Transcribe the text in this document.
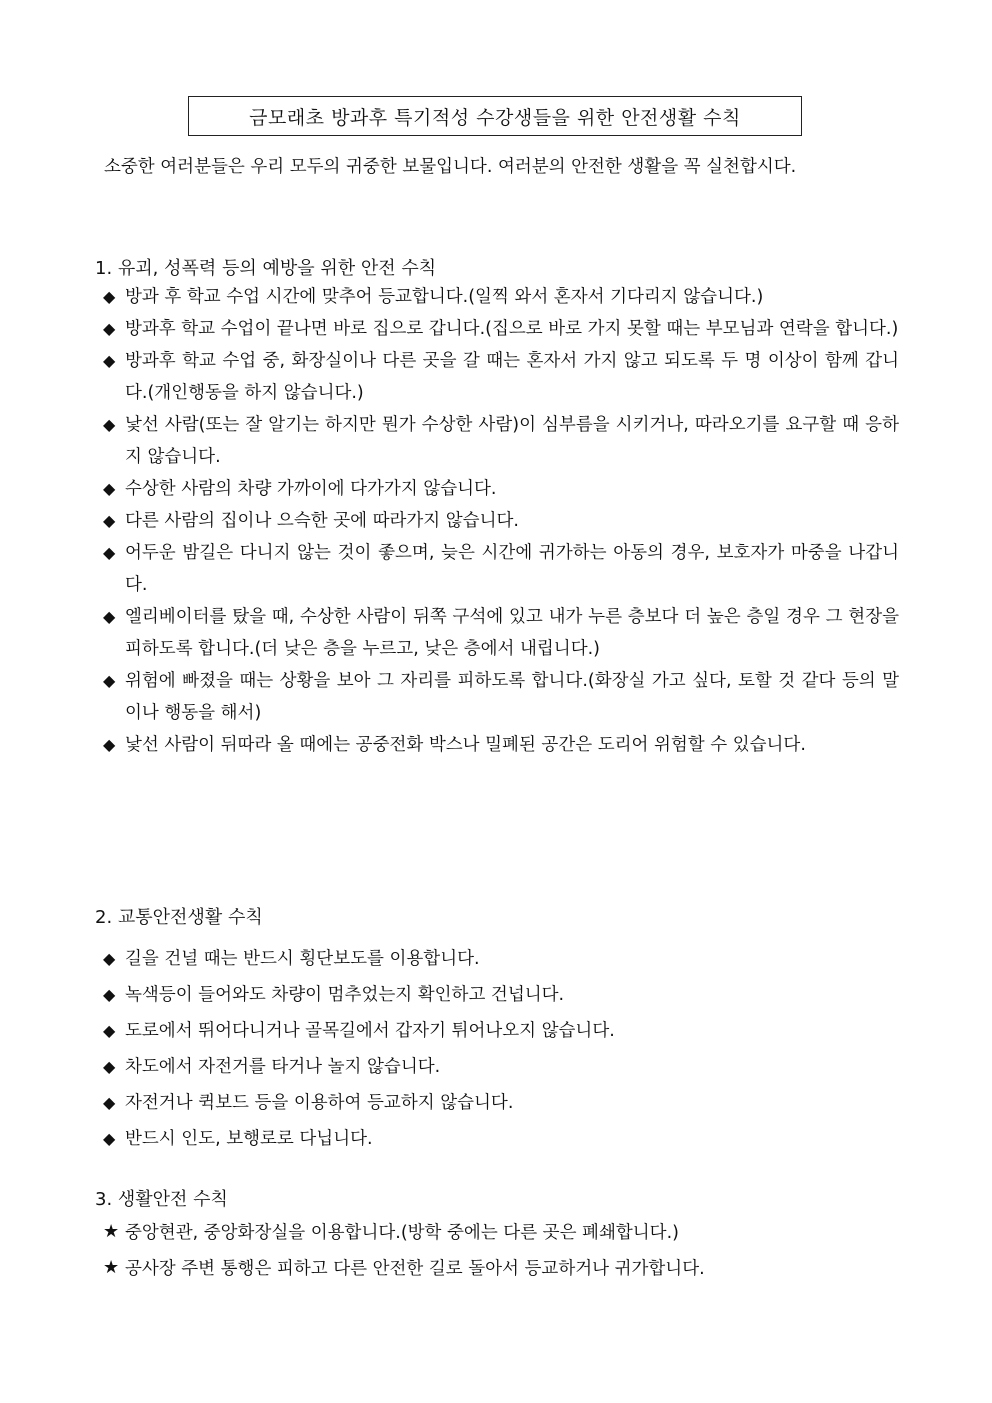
금모래초 방과후 특기적성 수강생들을 위한 안전생활 수칙

소중한 여러분들은 우리 모두의 귀중한 보물입니다. 여러분의 안전한 생활을 꼭 실천합시다.

1. 유괴, 성폭력 등의 예방을 위한 안전 수칙

◆ 방과 후 학교 수업 시간에 맞추어 등교합니다.(일찍 와서 혼자서 기다리지 않습니다.)
◆ 방과후 학교 수업이 끝나면 바로 집으로 갑니다.(집으로 바로 가지 못할 때는 부모님과 연락을 합니다.)
◆ 방과후 학교 수업 중, 화장실이나 다른 곳을 갈 때는 혼자서 가지 않고 되도록 두 명 이상이 함께 갑니다.(개인행동을 하지 않습니다.)
◆ 낯선 사람(또는 잘 알기는 하지만 뭔가 수상한 사람)이 심부름을 시키거나, 따라오기를 요구할 때 응하지 않습니다.
◆ 수상한 사람의 차량 가까이에 다가가지 않습니다.
◆ 다른 사람의 집이나 으슥한 곳에 따라가지 않습니다.
◆ 어두운 밤길은 다니지 않는 것이 좋으며, 늦은 시간에 귀가하는 아동의 경우, 보호자가 마중을 나갑니다.
◆ 엘리베이터를 탔을 때, 수상한 사람이 뒤쪽 구석에 있고 내가 누른 층보다 더 높은 층일 경우 그 현장을 피하도록 합니다.(더 낮은 층을 누르고, 낮은 층에서 내립니다.)
◆ 위험에 빠졌을 때는 상황을 보아 그 자리를 피하도록 합니다.(화장실 가고 싶다, 토할 것 같다 등의 말이나 행동을 해서)
◆ 낯선 사람이 뒤따라 올 때에는 공중전화 박스나 밀폐된 공간은 도리어 위험할 수 있습니다.

2. 교통안전생활 수칙

◆ 길을 건널 때는 반드시 횡단보도를 이용합니다.
◆ 녹색등이 들어와도 차량이 멈추었는지 확인하고 건넙니다.
◆ 도로에서 뛰어다니거나 골목길에서 갑자기 튀어나오지 않습니다.
◆ 차도에서 자전거를 타거나 놀지 않습니다.
◆ 자전거나 퀵보드 등을 이용하여 등교하지 않습니다.
◆ 반드시 인도, 보행로로 다닙니다.

3. 생활안전 수칙

★ 중앙현관, 중앙화장실을 이용합니다.(방학 중에는 다른 곳은 폐쇄합니다.)
★ 공사장 주변 통행은 피하고 다른 안전한 길로 돌아서 등교하거나 귀가합니다.
